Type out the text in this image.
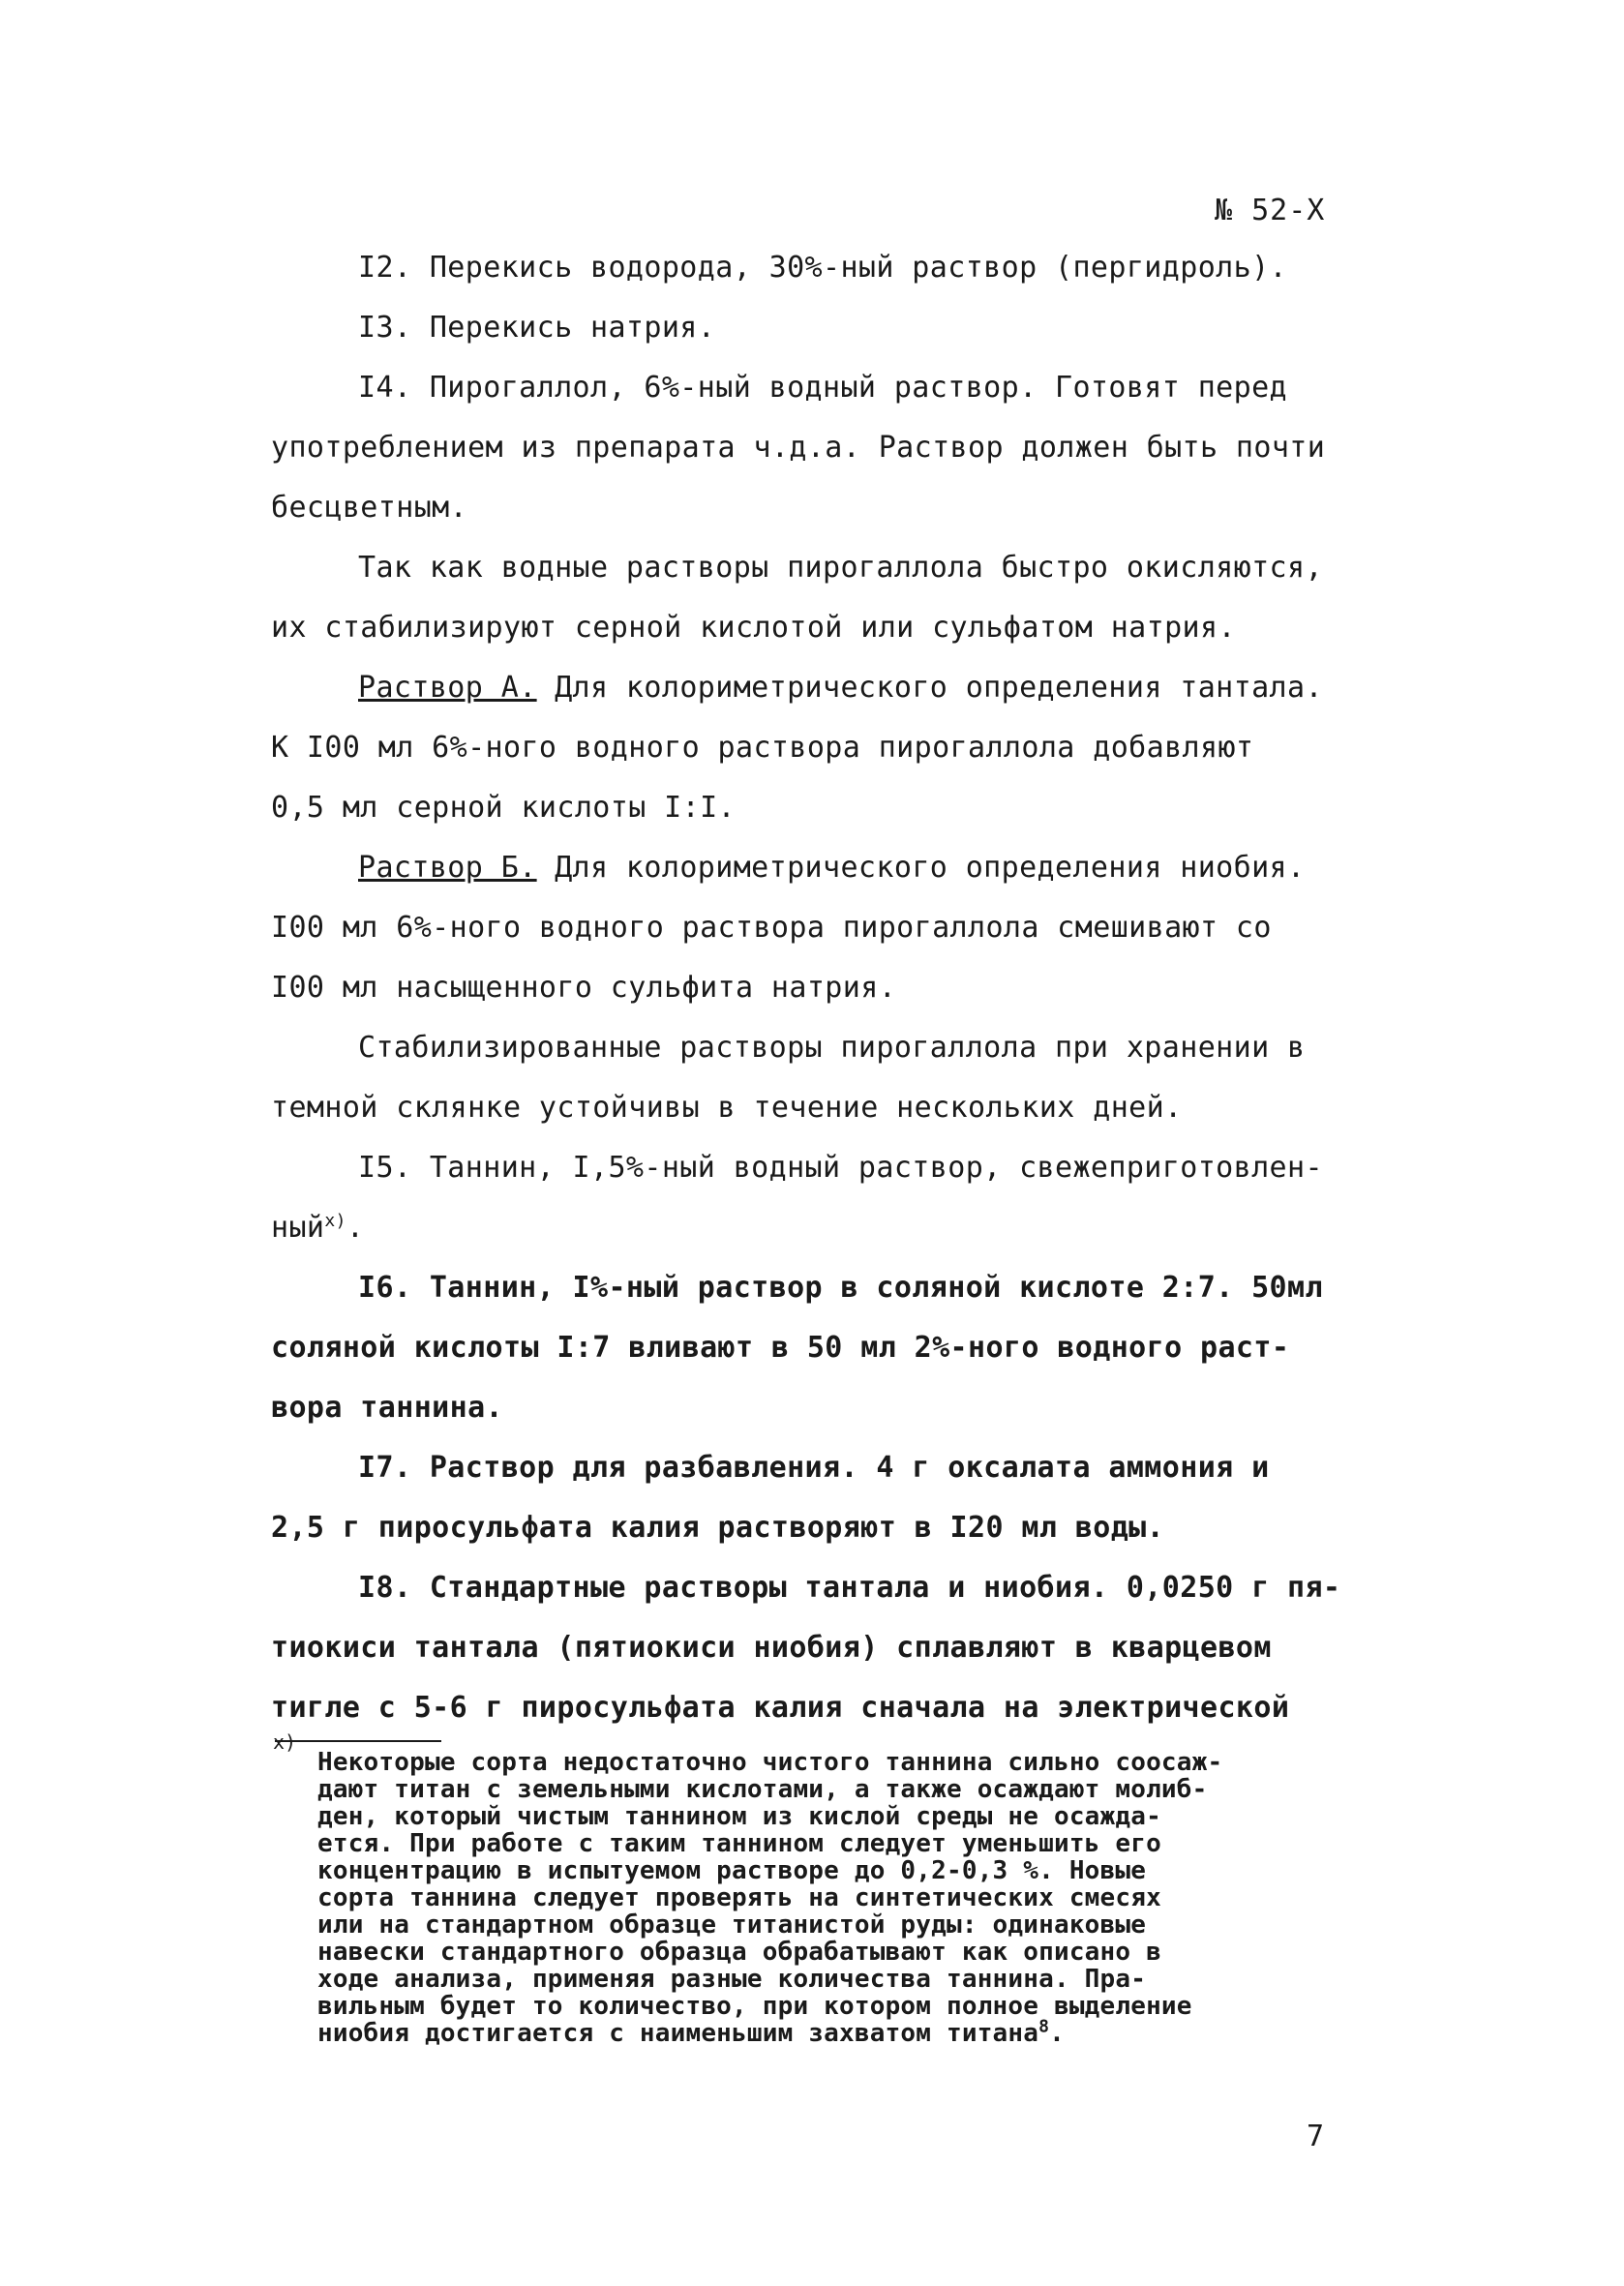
№ 52-Х
I2. Перекись водорода, 30%-ный раствор (пергидроль).
I3. Перекись натрия.
I4. Пирогаллол, 6%-ный водный раствор. Готовят перед
употреблением из препарата ч.д.а. Раствор должен быть почти
бесцветным.
Так как водные растворы пирогаллола быстро окисляются,
их стабилизируют серной кислотой или сульфатом натрия.
Раствор А. Для колориметрического определения тантала.
К I00 мл 6%-ного водного раствора пирогаллола добавляют
0,5 мл серной кислоты I:I.
Раствор Б. Для колориметрического определения ниобия.
I00 мл 6%-ного водного раствора пирогаллола смешивают со
I00 мл насыщенного сульфита натрия.
Стабилизированные растворы пирогаллола при хранении в
темной склянке устойчивы в течение нескольких дней.
I5. Таннин, I,5%-ный водный раствор, свежеприготовлен-
ный$^{х)}$.
I6. Таннин, I%-ный раствор в соляной кислоте 2:7. 50мл
соляной кислоты I:7 вливают в 50 мл 2%-ного водного раст-
вора таннина.
I7. Раствор для разбавления. 4 г оксалата аммония и
2,5 г пиросульфата калия растворяют в I20 мл воды.
I8. Стандартные растворы тантала и ниобия. 0,0250 г пя-
тиокиси тантала (пятиокиси ниобия) сплавляют в кварцевом
тигле с 5-6 г пиросульфата калия сначала на электрической
х)
Некоторые сорта недостаточно чистого таннина сильно соосаж-
дают титан с земельными кислотами, а также осаждают молиб-
ден, который чистым таннином из кислой среды не осажда-
ется. При работе с таким таннином следует уменьшить его
концентрацию в испытуемом растворе до 0,2-0,3 %. Новые
сорта таннина следует проверять на синтетических смесях
или на стандартном образце титанистой руды: одинаковые
навески стандартного образца обрабатывают как описано в
ходе анализа, применяя разные количества таннина. Пра-
вильным будет то количество, при котором полное выделение
ниобия достигается с наименьшим захватом титана$^8$.
7
